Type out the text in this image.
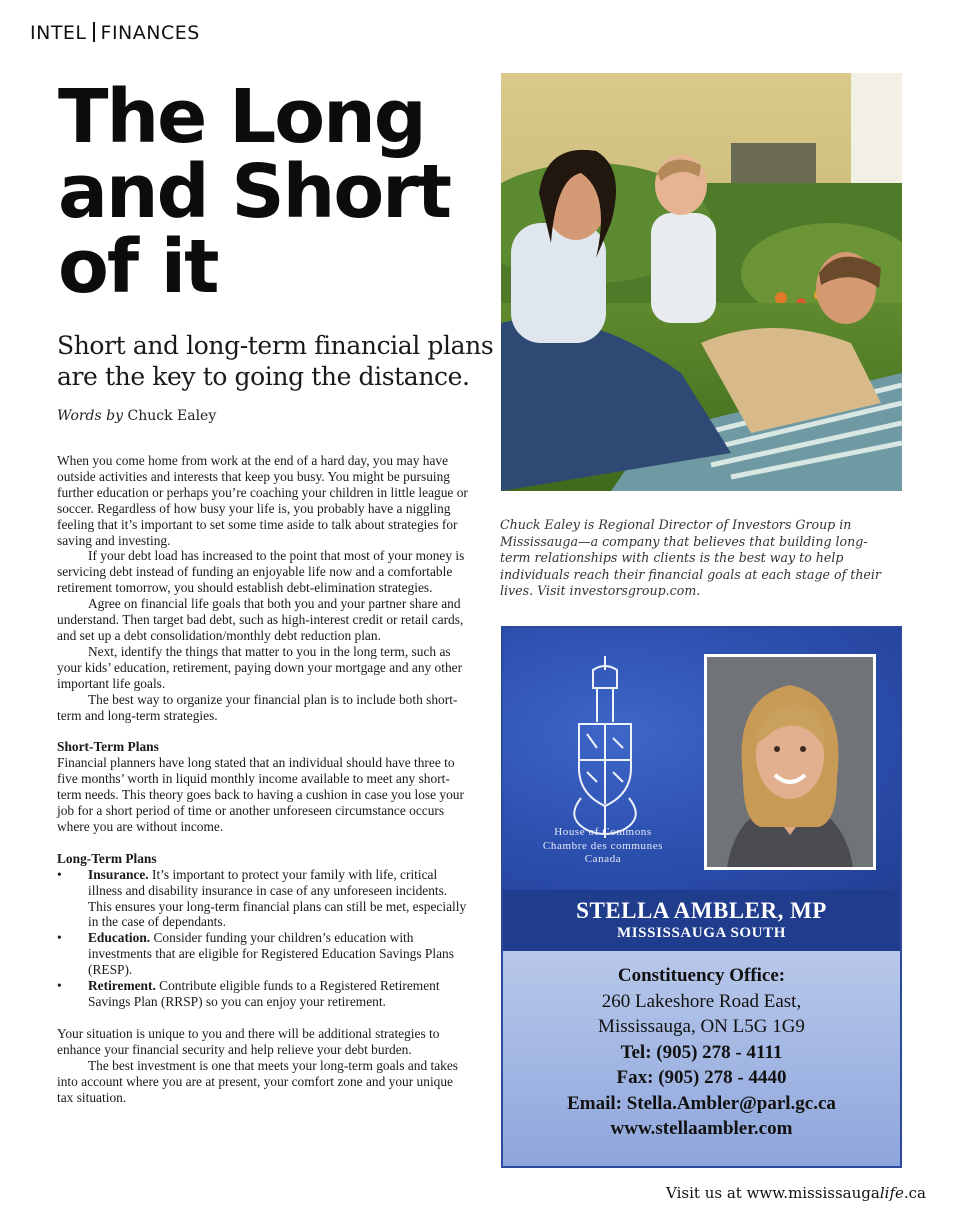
INTEL FINANCES
The Long
and Short
of it
Short and long-term financial plans
are the key to going the distance.
Words by Chuck Ealey

When you come home from work at the end of a hard day, you may have outside activities and interests that keep you busy. You might be pursuing further education or perhaps you’re coaching your children in little league or soccer. Regardless of how busy your life is, you probably have a niggling feeling that it’s important to set some time aside to talk about strategies for saving and investing.

If your debt load has increased to the point that most of your money is servicing debt instead of funding an enjoyable life now and a comfortable retirement tomorrow, you should establish debt-elimination strategies.

Agree on financial life goals that both you and your partner share and understand. Then target bad debt, such as high-interest credit or retail cards, and set up a debt consolidation/monthly debt reduction plan.

Next, identify the things that matter to you in the long term, such as your kids’ education, retirement, paying down your mortgage and any other important life goals.

The best way to organize your financial plan is to include both short-term and long-term strategies.

Short-Term Plans

Financial planners have long stated that an individual should have three to five months’ worth in liquid monthly income available to meet any short-term needs. This theory goes back to having a cushion in case you lose your job for a short period of time or another unforeseen circumstance occurs where you are without income.

Long-Term Plans
• Insurance. It’s important to protect your family with life, critical illness and disability insurance in case of any unforeseen incidents. This ensures your long-term financial plans can still be met, especially in the case of dependants.
• Education. Consider funding your children’s education with investments that are eligible for Registered Education Savings Plans (RESP).
• Retirement. Contribute eligible funds to a Registered Retirement Savings Plan (RRSP) so you can enjoy your retirement.

Your situation is unique to you and there will be additional strategies to enhance your financial security and help relieve your debt burden.

The best investment is one that meets your long-term goals and takes into account where you are at present, your comfort zone and your unique tax situation.

Chuck Ealey is Regional Director of Investors Group in Mississauga—a company that believes that building long-term relationships with clients is the best way to help individuals reach their financial goals at each stage of their lives. Visit investorsgroup.com.
House of Commons
Chambre des communes
Canada
STELLA AMBLER, MP
MISSISSAUGA SOUTH
Constituency Office:
260 Lakeshore Road East,
Mississauga, ON L5G 1G9
Tel: (905) 278 - 4111
Fax: (905) 278 - 4440
Email: Stella.Ambler@parl.gc.ca
www.stellaambler.com
Visit us at www.mississaugalife.ca
